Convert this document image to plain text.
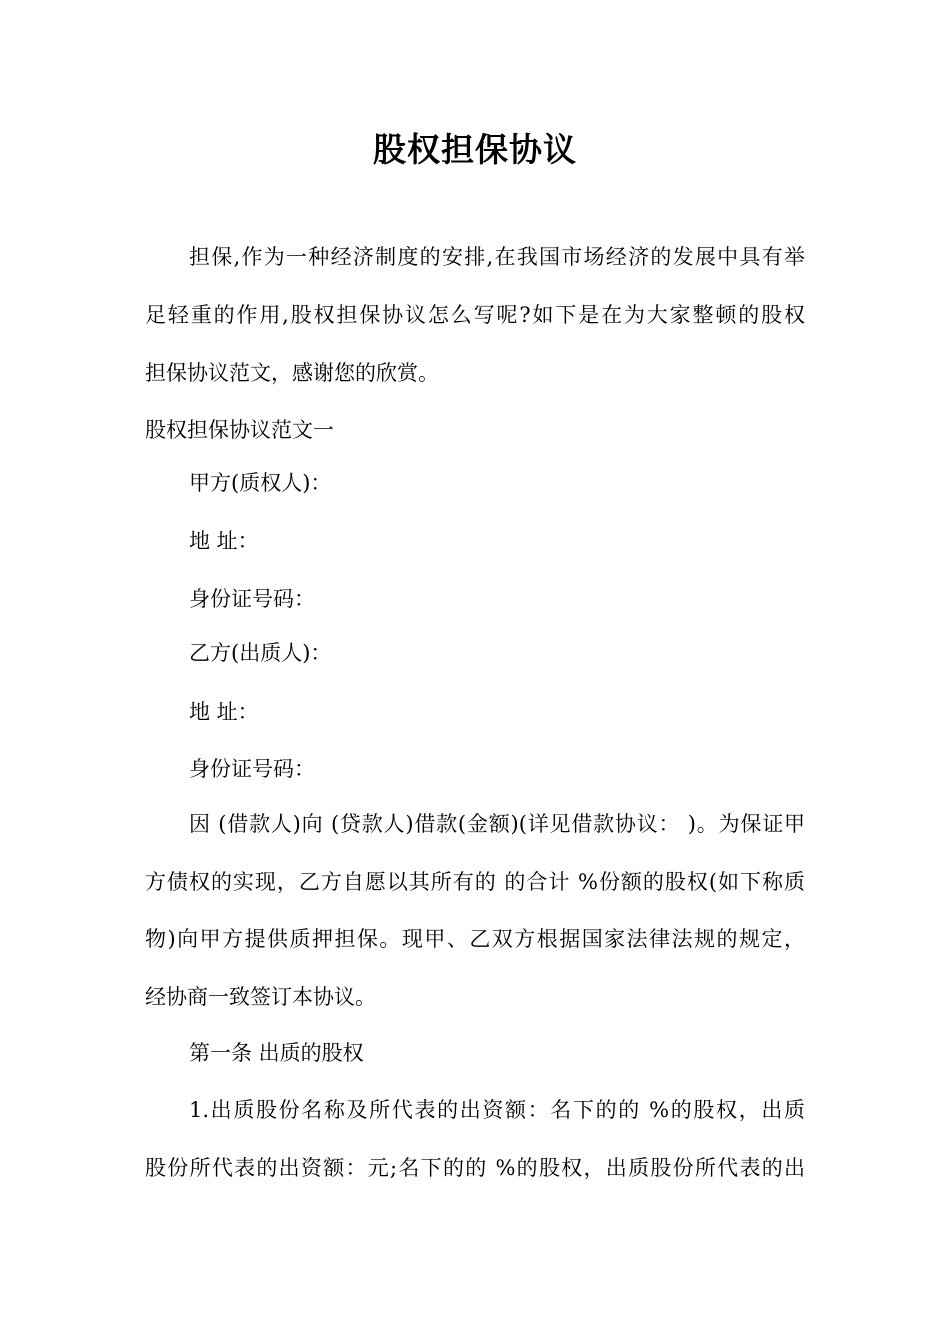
股权担保协议
担保,作为一种经济制度的安排,在我国市场经济的发展中具有举
足轻重的作用,股权担保协议怎么写呢?如下是在为大家整顿的股权
担保协议范文，感谢您的欣赏。
股权担保协议范文一
甲方(质权人)：
地 址：
身份证号码：
乙方(出质人)：
地 址：
身份证号码：
因 (借款人)向 (贷款人)借款(金额)(详见借款协议： )。为保证甲
方债权的实现，乙方自愿以其所有的 的合计 %份额的股权(如下称质
物)向甲方提供质押担保。现甲、乙双方根据国家法律法规的规定，
经协商一致签订本协议。
第一条 出质的股权
1.出质股份名称及所代表的出资额：名下的的 %的股权，出质
股份所代表的出资额：元;名下的的 %的股权，出质股份所代表的出
